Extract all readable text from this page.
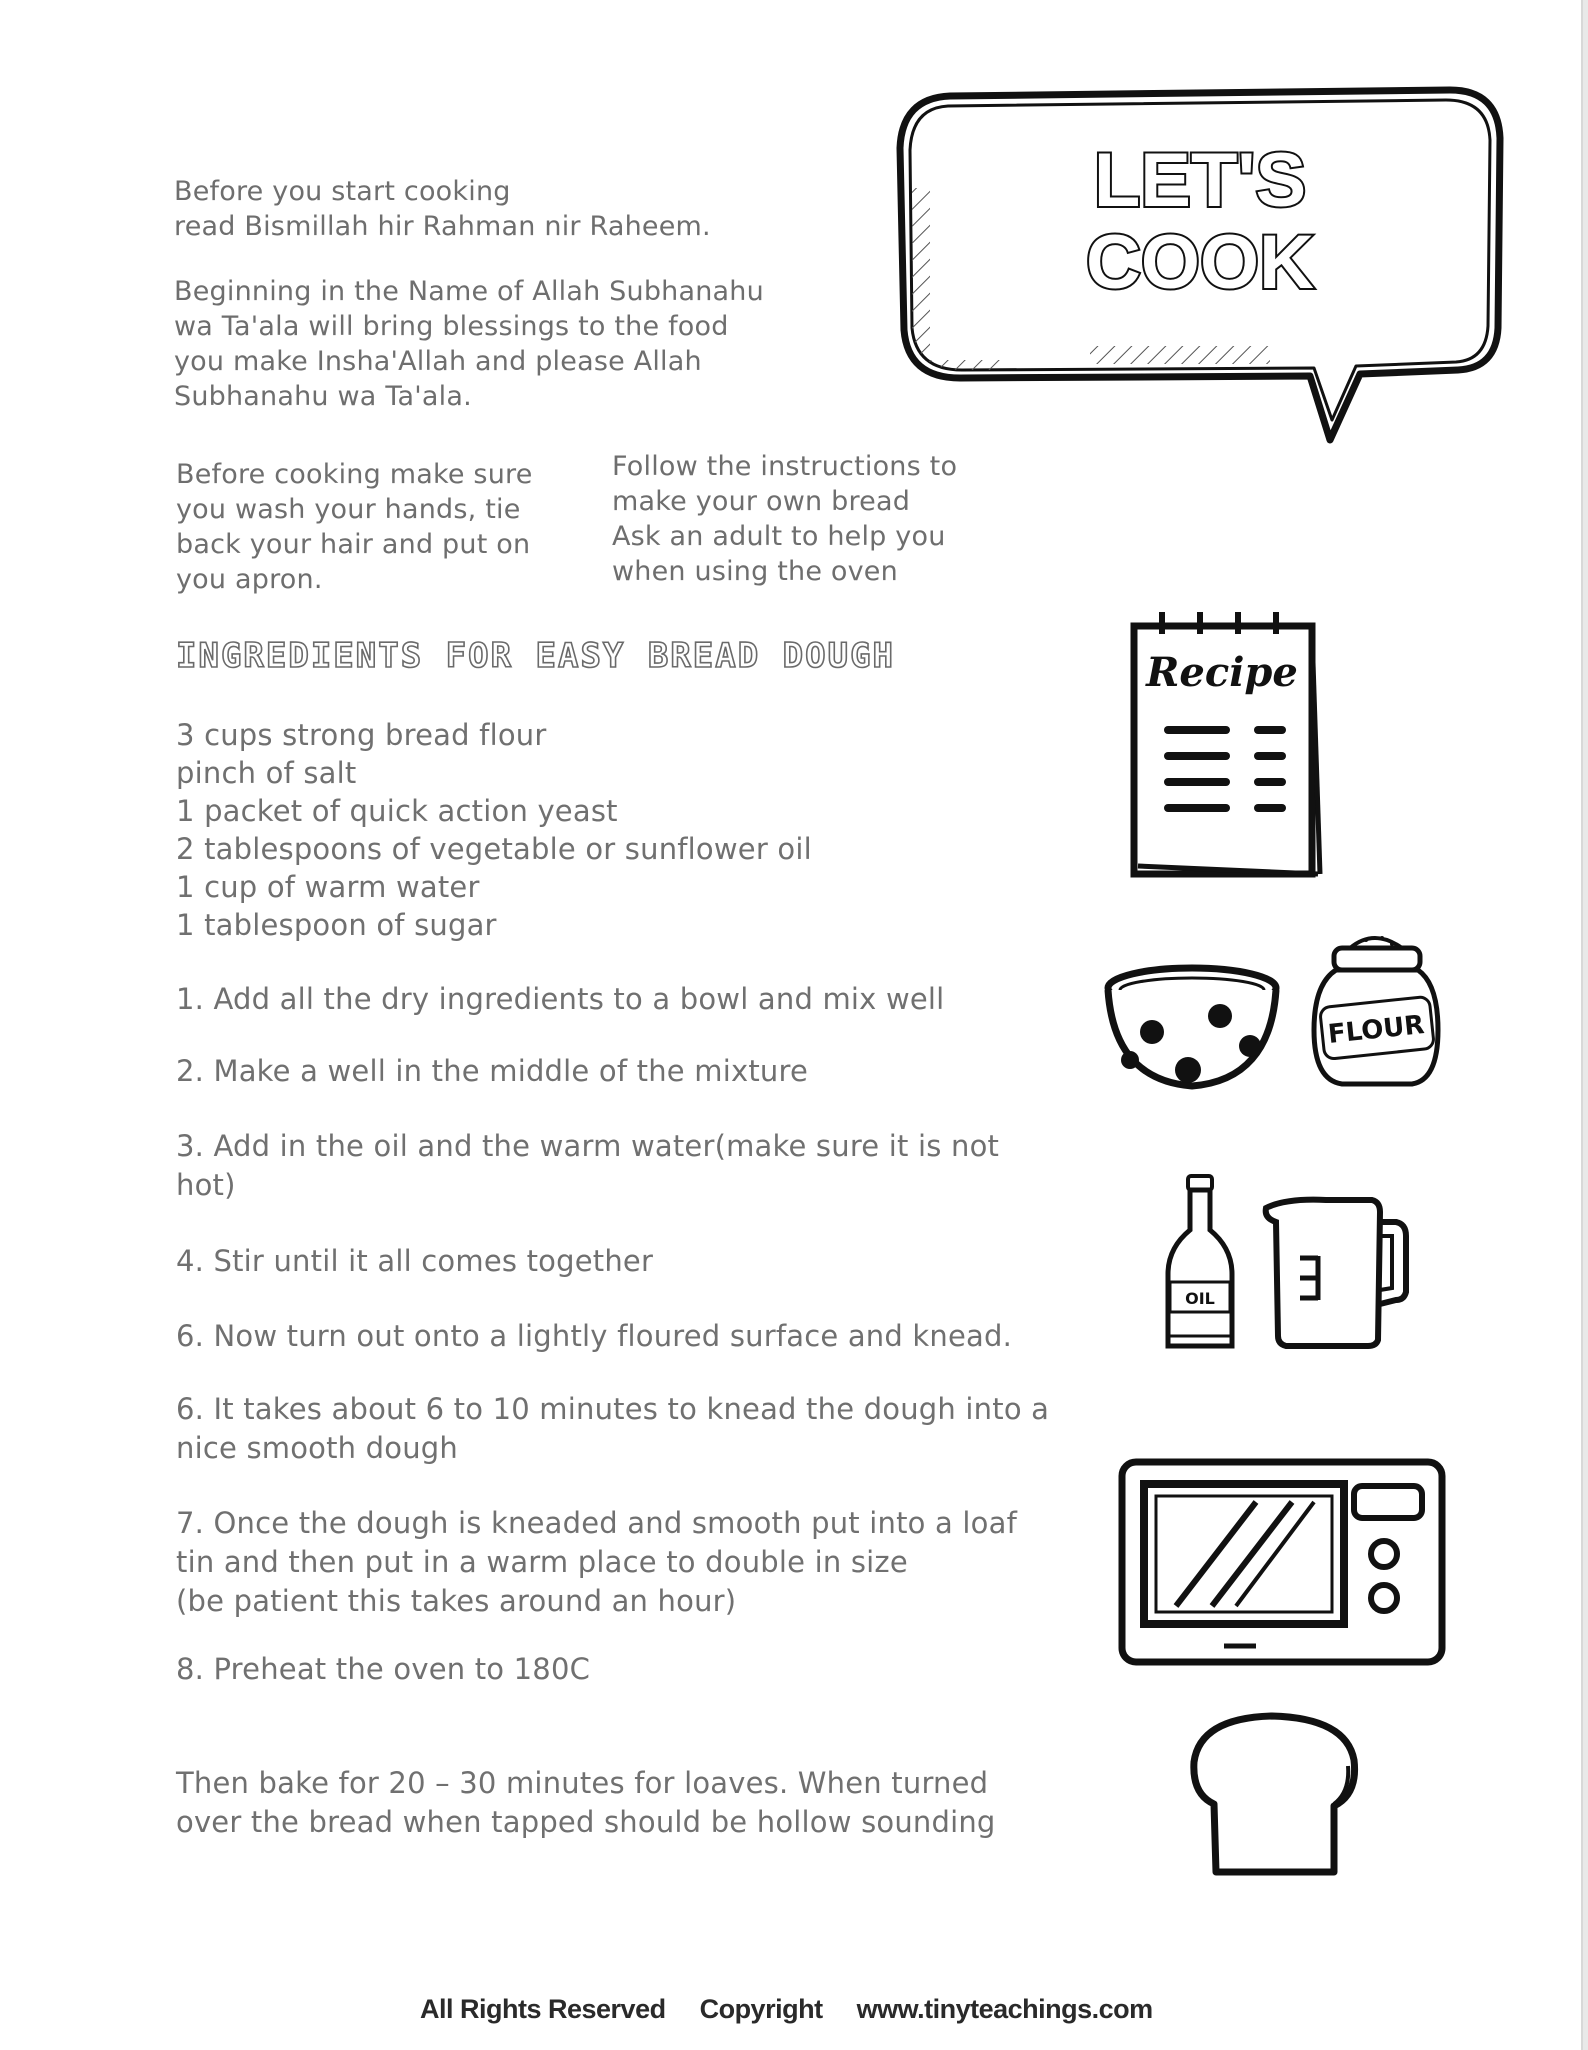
LET'S
COOK
Before you start cooking
read Bismillah hir Rahman nir Raheem.
Beginning in the Name of Allah Subhanahu
wa Ta'ala will bring blessings to the food
you make Insha'Allah and please Allah
Subhanahu wa Ta'ala.
Before cooking make sure
you wash your hands, tie
back your hair and put on
you apron.
Follow the instructions to
make your own bread
Ask an adult to help you
when using the oven
INGREDIENTS FOR EASY BREAD DOUGH
3 cups strong bread flour
pinch of salt
1 packet of quick action yeast
2 tablespoons of vegetable or sunflower oil
1 cup of warm water
1 tablespoon of sugar
1. Add all the dry ingredients to a bowl and mix well
2. Make a well in the middle of the mixture
3. Add in the oil and the warm water(make sure it is not
hot)
4. Stir until it all comes together
6. Now turn out onto a lightly floured surface and knead.
6. It takes about 6 to 10 minutes to knead the dough into a
nice smooth dough
7. Once the dough is kneaded and smooth put into a loaf
tin and then put in a warm place to double in size
(be patient this takes around an hour)
8. Preheat the oven to 180C
Then bake for 20 – 30 minutes for loaves. When turned
over the bread when tapped should be hollow sounding
Recipe
FLOUR
OIL
All Rights Reserved Copyright www.tinyteachings.com
